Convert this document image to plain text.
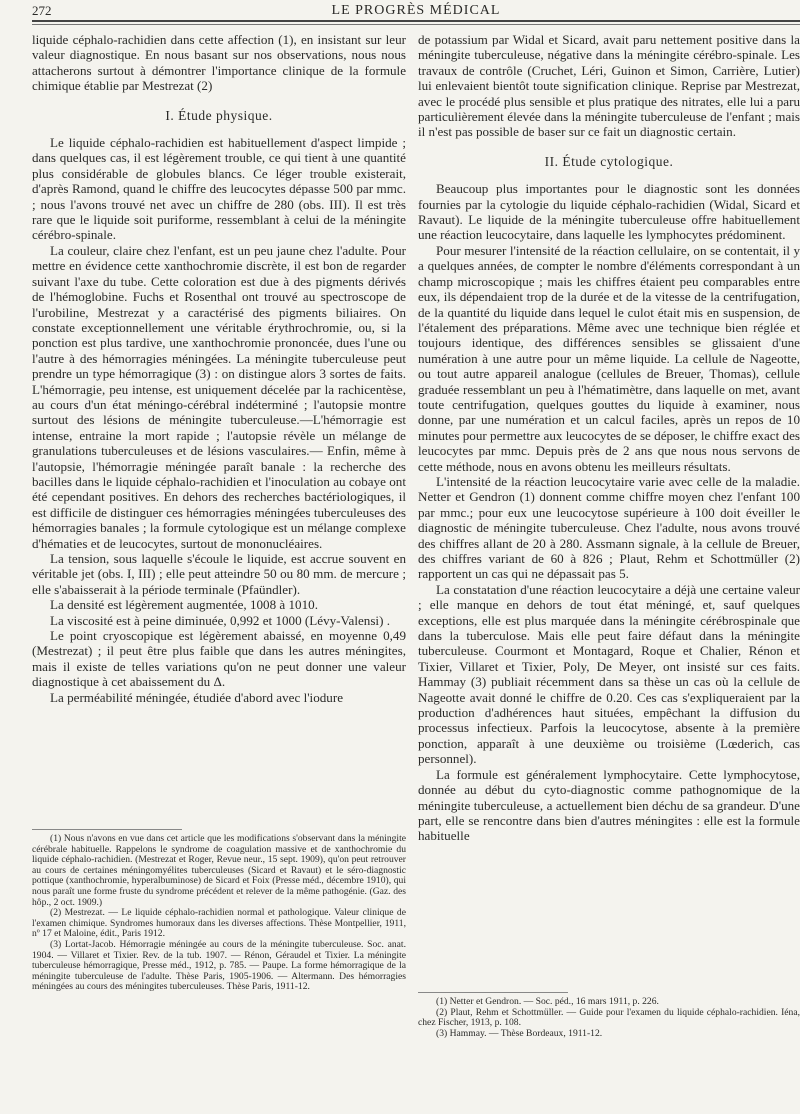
272	LE PROGRÈS MÉDICAL

liquide céphalo-rachidien dans cette affection (1), en insistant sur leur valeur diagnostique. En nous basant sur nos observations, nous nous attacherons surtout à démontrer l'importance clinique de la formule chimique établie par Mestrezat (2)

I. Étude physique.

Le liquide céphalo-rachidien est habituellement d'aspect limpide ; dans quelques cas, il est légèrement trouble, ce qui tient à une quantité plus considérable de globules blancs. Ce léger trouble existerait, d'après Ramond, quand le chiffre des leucocytes dépasse 500 par mmc. ; nous l'avons trouvé net avec un chiffre de 280 (obs. III). Il est très rare que le liquide soit puriforme, ressemblant à celui de la méningite cérébro-spinale.

La couleur, claire chez l'enfant, est un peu jaune chez l'adulte. Pour mettre en évidence cette xanthochromie discrète, il est bon de regarder suivant l'axe du tube. Cette coloration est due à des pigments dérivés de l'hémoglobine. Fuchs et Rosenthal ont trouvé au spectroscope de l'urobiline, Mestrezat y a caractérisé des pigments biliaires. On constate exceptionnellement une véritable érythrochromie, ou, si la ponction est plus tardive, une xanthochromie prononcée, dues l'une ou l'autre à des hémorragies méningées. La méningite tuberculeuse peut prendre un type hémorragique (3) : on distingue alors 3 sortes de faits. L'hémorragie, peu intense, est uniquement décelée par la rachicentèse, au cours d'un état méningo-cérébral indéterminé ; l'autopsie montre surtout des lésions de méningite tuberculeuse.—L'hémorragie est intense, entraine la mort rapide ; l'autopsie révèle un mélange de granulations tuberculeuses et de lésions vasculaires.— Enfin, même à l'autopsie, l'hémorragie méningée paraît banale : la recherche des bacilles dans le liquide céphalo-rachidien et l'inoculation au cobaye ont été cependant positives. En dehors des recherches bactériologiques, il est difficile de distinguer ces hémorragies méningées tuberculeuses des hémorragies banales ; la formule cytologique est un mélange complexe d'hématies et de leucocytes, surtout de mononucléaires.

La tension, sous laquelle s'écoule le liquide, est accrue souvent en véritable jet (obs. I, III) ; elle peut atteindre 50 ou 80 mm. de mercure ; elle s'abaisserait à la période terminale (Pfaündler).

La densité est légèrement augmentée, 1008 à 1010.

La viscosité est à peine diminuée, 0,992 et 1000 (Lévy-Valensi) .

Le point cryoscopique est légèrement abaissé, en moyenne 0,49 (Mestrezat) ; il peut être plus faible que dans les autres méningites, mais il existe de telles variations qu'on ne peut donner une valeur diagnostique à cet abaissement du Δ.

La perméabilité méningée, étudiée d'abord avec l'iodure

(1) Nous n'avons en vue dans cet article que les modifications s'observant dans la méningite cérébrale habituelle. Rappelons le syndrome de coagulation massive et de xanthochromie du liquide céphalo-rachidien. (Mestrezat et Roger, Revue neur., 15 sept. 1909), qu'on peut retrouver au cours de certaines méningomyélites tuberculeuses (Sicard et Ravaut) et le séro-diagnostic pottique (xanthochromie, hyperalbuminose) de Sicard et Foix (Presse méd., décembre 1910), qui nous paraît une forme fruste du syndrome précédent et relever de la même pathogénie. (Gaz. des hôp., 2 oct. 1909.)

(2) Mestrezat. — Le liquide céphalo-rachidien normal et pathologique. Valeur clinique de l'examen chimique. Syndromes humoraux dans les diverses affections. Thèse Montpellier, 1911, nº 17 et Maloine, édit., Paris 1912.

(3) Lortat-Jacob. Hémorragie méningée au cours de la méningite tuberculeuse. Soc. anat. 1904. — Villaret et Tixier. Rev. de la tub. 1907. — Rénon, Géraudel et Tixier. La méningite tuberculeuse hémorragique, Presse méd., 1912, p. 785. — Paupe. La forme hémorragique de la méningite tuberculeuse de l'adulte. Thèse Paris, 1905-1906. — Altermann. Des hémorragies méningées au cours des méningites tuberculeuses. Thèse Paris, 1911-12.

de potassium par Widal et Sicard, avait paru nettement positive dans la méningite tuberculeuse, négative dans la méningite cérébro-spinale. Les travaux de contrôle (Cruchet, Léri, Guinon et Simon, Carrière, Lutier) lui enlevaient bientôt toute signification clinique. Reprise par Mestrezat, avec le procédé plus sensible et plus pratique des nitrates, elle lui a paru particulièrement élevée dans la méningite tuberculeuse de l'enfant ; mais il n'est pas possible de baser sur ce fait un diagnostic certain.

II. Étude cytologique.

Beaucoup plus importantes pour le diagnostic sont les données fournies par la cytologie du liquide céphalo-rachidien (Widal, Sicard et Ravaut). Le liquide de la méningite tuberculeuse offre habituellement une réaction leucocytaire, dans laquelle les lymphocytes prédominent.

Pour mesurer l'intensité de la réaction cellulaire, on se contentait, il y a quelques années, de compter le nombre d'éléments correspondant à un champ microscopique ; mais les chiffres étaient peu comparables entre eux, ils dépendaient trop de la durée et de la vitesse de la centrifugation, de la quantité du liquide dans lequel le culot était mis en suspension, de l'étalement des préparations. Même avec une technique bien réglée et toujours identique, des différences sensibles se glissaient d'une numération à une autre pour un même liquide. La cellule de Nageotte, ou tout autre appareil analogue (cellules de Breuer, Thomas), cellule graduée ressemblant un peu à l'hématimètre, dans laquelle on met, avant toute centrifugation, quelques gouttes du liquide à examiner, nous donne, par une numération et un calcul faciles, après un repos de 10 minutes pour permettre aux leucocytes de se déposer, le chiffre exact des leucocytes par mmc. Depuis près de 2 ans que nous nous servons de cette méthode, nous en avons obtenu les meilleurs résultats.

L'intensité de la réaction leucocytaire varie avec celle de la maladie. Netter et Gendron (1) donnent comme chiffre moyen chez l'enfant 100 par mmc.; pour eux une leucocytose supérieure à 100 doit éveiller le diagnostic de méningite tuberculeuse. Chez l'adulte, nous avons trouvé des chiffres allant de 20 à 280. Assmann signale, à la cellule de Breuer, des chiffres variant de 60 à 826 ; Plaut, Rehm et Schottmüller (2) rapportent un cas qui ne dépassait pas 5.

La constatation d'une réaction leucocytaire a déjà une certaine valeur ; elle manque en dehors de tout état méningé, et, sauf quelques exceptions, elle est plus marquée dans la méningite cérébrospinale que dans la tuberculose. Mais elle peut faire défaut dans la méningite tuberculeuse. Courmont et Montagard, Roque et Chalier, Rénon et Tixier, Villaret et Tixier, Poly, De Meyer, ont insisté sur ces faits. Hammay (3) publiait récemment dans sa thèse un cas où la cellule de Nageotte avait donné le chiffre de 0.20. Ces cas s'expliqueraient par la production d'adhérences haut situées, empêchant la diffusion du processus infectieux. Parfois la leucocytose, absente à la première ponction, apparaît à une deuxième ou troisième (Lœderich, cas personnel).

La formule est généralement lymphocytaire. Cette lymphocytose, donnée au début du cyto-diagnostic comme pathognomique de la méningite tuberculeuse, a actuellement bien déchu de sa grandeur. D'une part, elle se rencontre dans bien d'autres méningites : elle est la formule habituelle

(1) Netter et Gendron. — Soc. péd., 16 mars 1911, p. 226.

(2) Plaut, Rehm et Schottmüller. — Guide pour l'examen du liquide céphalo-rachidien. Iéna, chez Fischer, 1913, p. 108.

(3) Hammay. — Thèse Bordeaux, 1911-12.
